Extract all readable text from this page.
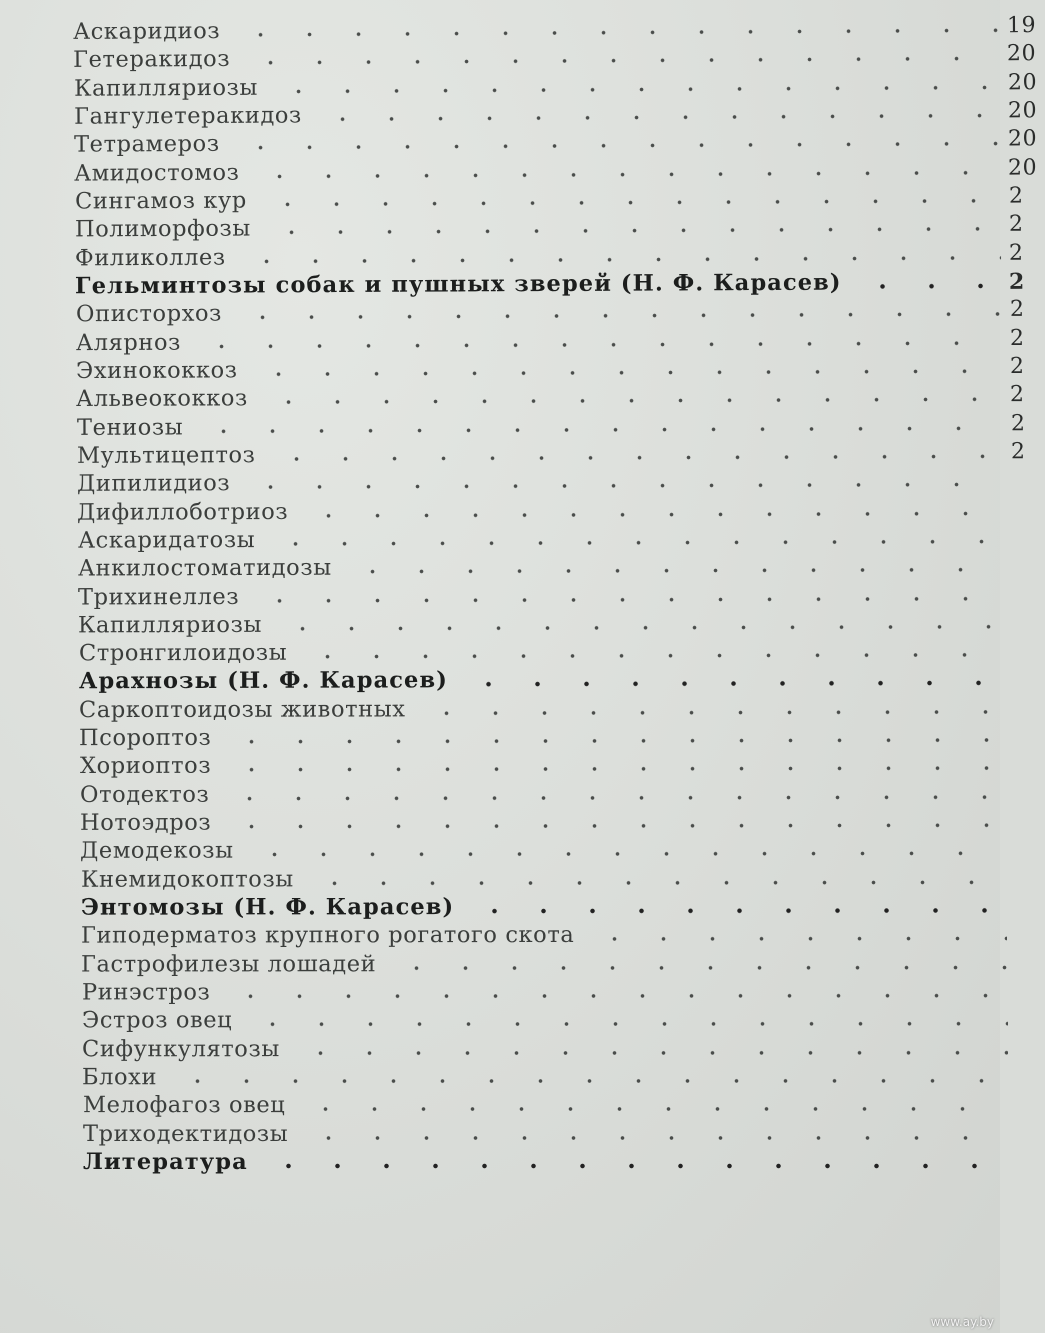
Аскаридиоз	19
Гетеракидоз	20
Капилляриозы	20
Гангулетеракидоз	20
Тетрамероз	20
Амидостомоз	20
Сингамоз кур	2
Полиморфозы	2
Филиколлез	2
Гельминтозы собак и пушных зверей (Н. Ф. Карасев)	2
Описторхоз	2
Алярноз	2
Эхинококкоз	2
Альвеококкоз	2
Тениозы	2
Мультицептоз	2
Дипилидиоз
Дифиллоботриоз
Аскаридатозы
Анкилостоматидозы
Трихинеллез
Капилляриозы
Стронгилоидозы
Арахнозы (Н. Ф. Карасев)
Саркоптоидозы животных
Псороптоз
Хориоптоз
Отодектоз
Нотоэдроз
Демодекозы
Кнемидокоптозы
Энтомозы (Н. Ф. Карасев)
Гиподерматоз крупного рогатого скота
Гастрофилезы лошадей
Ринэстроз
Эстроз овец
Сифункулятозы
Блохи
Мелофагоз овец
Триходектидозы
Литература
www.ay.by
